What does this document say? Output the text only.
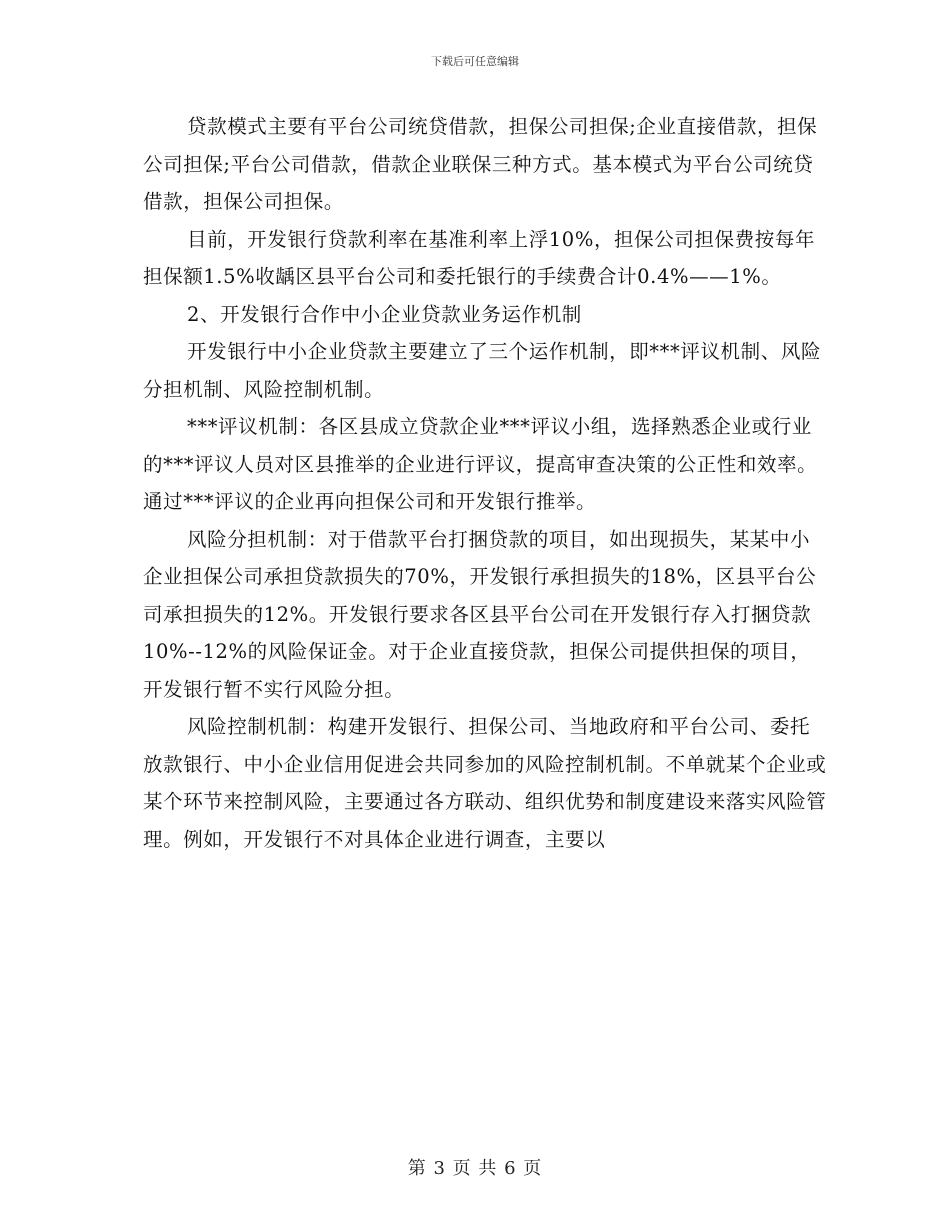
下载后可任意编辑

贷款模式主要有平台公司统贷借款，担保公司担保;企业直接借款，担保公司担保;平台公司借款，借款企业联保三种方式。基本模式为平台公司统贷借款，担保公司担保。

目前，开发银行贷款利率在基准利率上浮10%，担保公司担保费按每年担保额1.5%收龋区县平台公司和委托银行的手续费合计0.4%——1%。

2、开发银行合作中小企业贷款业务运作机制

开发银行中小企业贷款主要建立了三个运作机制，即***评议机制、风险分担机制、风险控制机制。

***评议机制：各区县成立贷款企业***评议小组，选择熟悉企业或行业的***评议人员对区县推举的企业进行评议，提高审查决策的公正性和效率。通过***评议的企业再向担保公司和开发银行推举。

风险分担机制：对于借款平台打捆贷款的项目，如出现损失，某某中小企业担保公司承担贷款损失的70%，开发银行承担损失的18%，区县平台公司承担损失的12%。开发银行要求各区县平台公司在开发银行存入打捆贷款10%--12%的风险保证金。对于企业直接贷款，担保公司提供担保的项目，开发银行暂不实行风险分担。

风险控制机制：构建开发银行、担保公司、当地政府和平台公司、委托放款银行、中小企业信用促进会共同参加的风险控制机制。不单就某个企业或某个环节来控制风险，主要通过各方联动、组织优势和制度建设来落实风险管理。例如，开发银行不对具体企业进行调查，主要以

第 3 页 共 6 页
